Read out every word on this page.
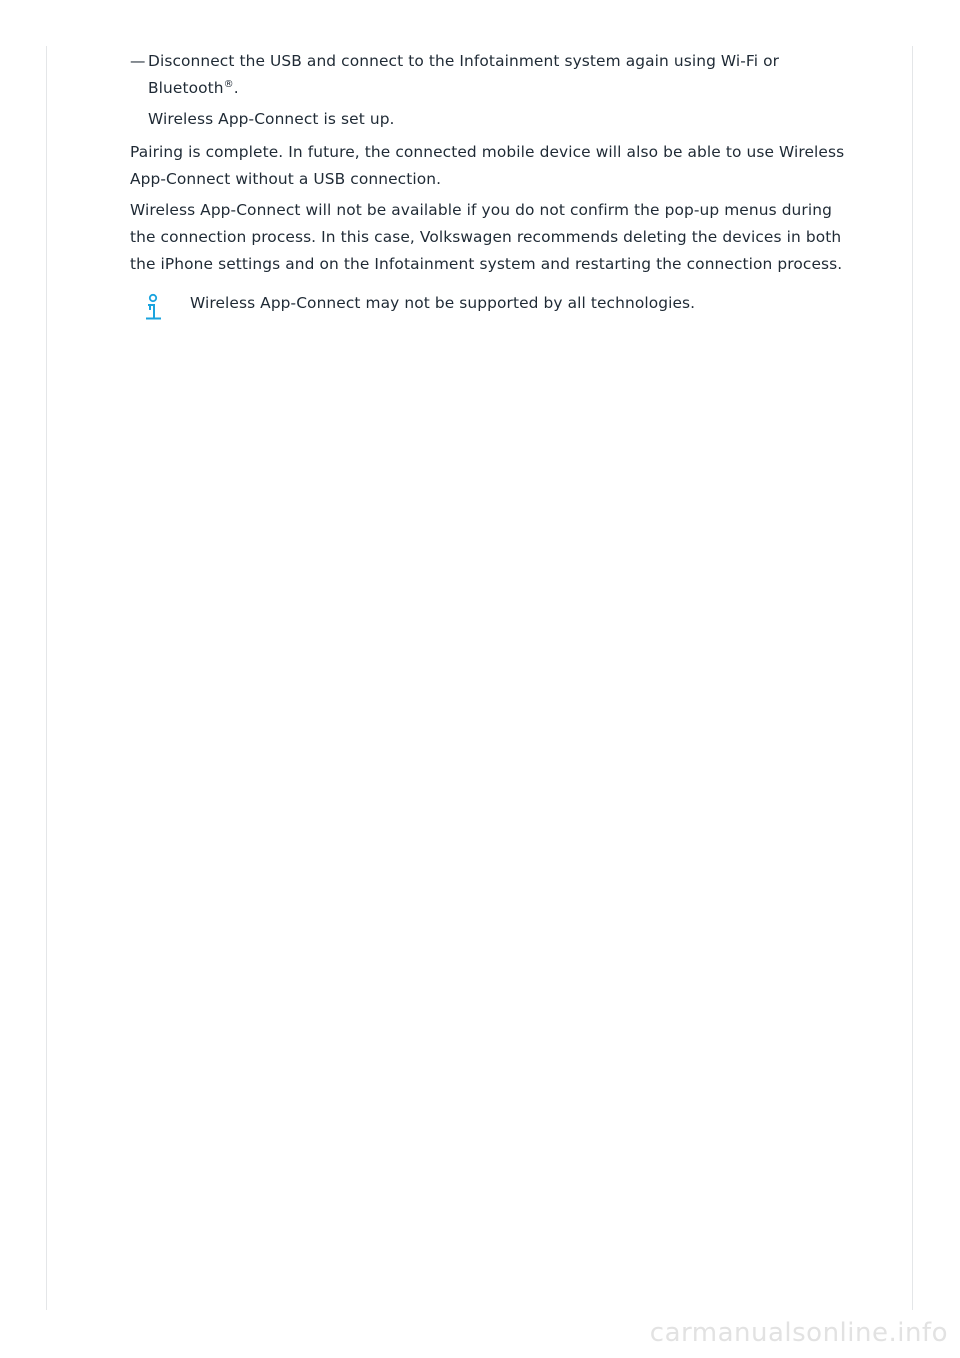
— Disconnect the USB and connect to the Infotainment system again using Wi-Fi or Bluetooth®.
Wireless App-Connect is set up.

Pairing is complete. In future, the connected mobile device will also be able to use Wireless App-Connect without a USB connection.

Wireless App-Connect will not be available if you do not confirm the pop-up menus during the connection process. In this case, Volkswagen recommends deleting the devices in both the iPhone settings and on the Infotainment system and restarting the connection process.

Wireless App-Connect may not be supported by all technologies.
carmanualsonline.info
